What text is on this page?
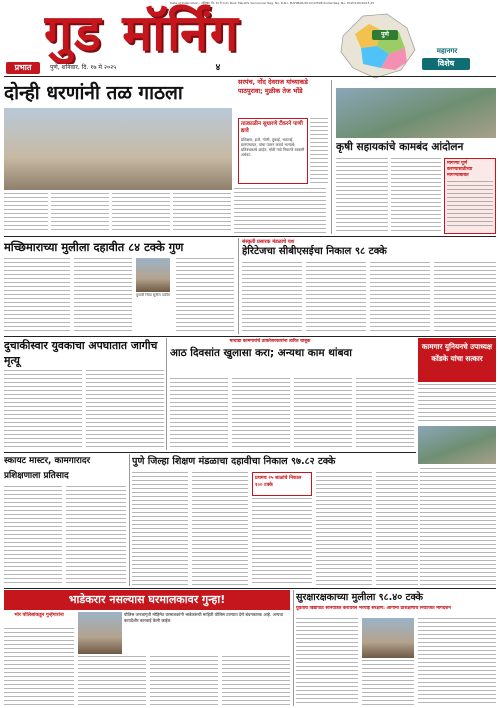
Date of Publication : शनिवार, दि. १७ मे २०२५ Post: Marathi Vernacular Reg. No. R.N.I. MAHMAR/2012/43598 Postal Reg. No. PCW/190/2023-25
गुड मॉर्निंग
प्रभात	पुणे, शनिवार, दि. १७ मे २०२५	४
पुणे
महानगर
विशेष
दोन्ही धरणांनी तळ गाठला	सरपंच, नोंद देवराज यांच्याकडे पाठपुरावा; मुळीक तेज भोंडे
तात्काळीन सुधारणे टँकरने पाणी द्यावे
प्रशिक्षण, इतरे, गोणी, तुकाई, भारताई, ग्रामपंचायत, यांचा पालन करावे भल्याचे; प्रतिबंधकाचे आहेत. मोठी गावे निवारणे रक्कमी अर्धवट.
कृषी सहायकांचे कामबंद आंदोलन
मागण्या पूर्ण करण्यासाठीच्या मागण्याबाबत
मच्छिमाराच्या मुलीला दहावीत ८४ टक्के गुण
कुमारी सिया सुनील पाटील
संस्कृती प्रसारक मंडळाचे यश
हेरिटेजचा सीबीएसईचा निकाल ९८ टक्के
दुचाकीस्वार युवकाचा अपघातात जागीच मृत्यू
माथाडा कामगारांचे ठाकरेसरकारांना त्वरित चाबूक
आठ दिवसांत खुलासा करा; अन्यथा काम थांबवा
कामगार युनियनचे उपाध्यक्ष कोंडके यांचा सत्कार
स्कायट मास्टर, कामगारादर प्रशिक्षणाला प्रतिसाद
पुणे जिल्हा शिक्षण मंडळाचा दहावीचा निकाल ९७.८२ टक्के
प्रथमच २५ शाळांचे निकाल १०० टक्के
भाडेकरार नसल्यास घरमालकावर गुन्हा!
भोर पोलिसांकडून गुन्हेगारांना	पोलिस जनजागृती मोहिमेत घरमालकांनी भाडेकरूंची माहिती पोलिस ठाण्यात देणे बंधनकारक आहे. अन्यथा कायदेशीर कारवाई केली जाईल.
सुरक्षारक्षकाच्या मुलीला ९८.४० टक्के
युवतीचे विद्यापीठ संनियंत्रित करीयरल भरपाई संरक्षण: आगामी प्रशिक्षणाचे नियोजित मार्गदर्शन
